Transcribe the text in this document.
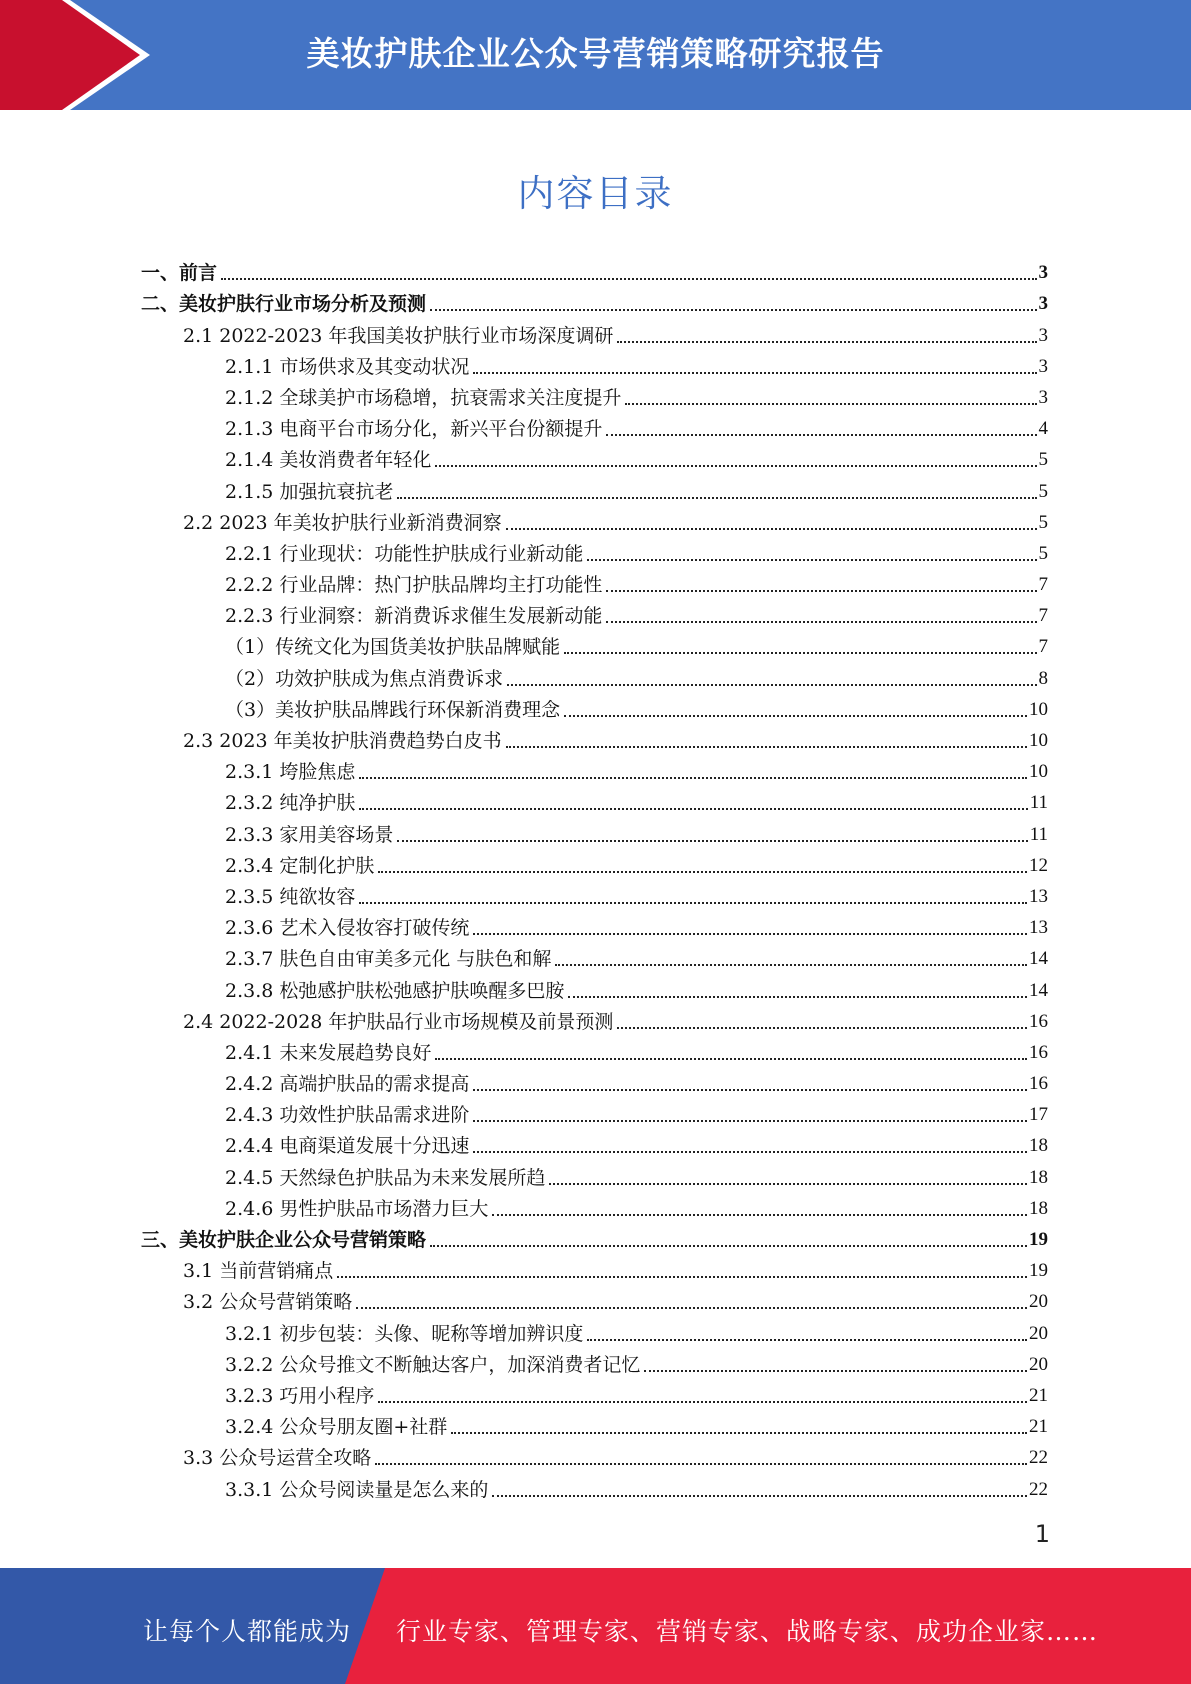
美妆护肤企业公众号营销策略研究报告
内容目录
一、前言	3
二、美妆护肤行业市场分析及预测	3
2.1 2022-2023 年我国美妆护肤行业市场深度调研	3
2.1.1 市场供求及其变动状况	3
2.1.2 全球美护市场稳增，抗衰需求关注度提升	3
2.1.3 电商平台市场分化，新兴平台份额提升	4
2.1.4 美妆消费者年轻化	5
2.1.5 加强抗衰抗老	5
2.2 2023 年美妆护肤行业新消费洞察	5
2.2.1 行业现状：功能性护肤成行业新动能	5
2.2.2 行业品牌：热门护肤品牌均主打功能性	7
2.2.3 行业洞察：新消费诉求催生发展新动能	7
（1）传统文化为国货美妆护肤品牌赋能	7
（2）功效护肤成为焦点消费诉求	8
（3）美妆护肤品牌践行环保新消费理念	10
2.3 2023 年美妆护肤消费趋势白皮书	10
2.3.1 垮脸焦虑	10
2.3.2 纯净护肤	11
2.3.3 家用美容场景	11
2.3.4 定制化护肤	12
2.3.5 纯欲妆容	13
2.3.6 艺术入侵妆容打破传统	13
2.3.7 肤色自由审美多元化 与肤色和解	14
2.3.8 松弛感护肤松弛感护肤唤醒多巴胺	14
2.4 2022-2028 年护肤品行业市场规模及前景预测	16
2.4.1 未来发展趋势良好	16
2.4.2 高端护肤品的需求提高	16
2.4.3 功效性护肤品需求进阶	17
2.4.4 电商渠道发展十分迅速	18
2.4.5 天然绿色护肤品为未来发展所趋	18
2.4.6 男性护肤品市场潜力巨大	18
三、美妆护肤企业公众号营销策略	19
3.1 当前营销痛点	19
3.2 公众号营销策略	20
3.2.1 初步包装：头像、昵称等增加辨识度	20
3.2.2 公众号推文不断触达客户，加深消费者记忆	20
3.2.3 巧用小程序	21
3.2.4 公众号朋友圈+社群	21
3.3 公众号运营全攻略	22
3.3.1 公众号阅读量是怎么来的	22
1
让每个人都能成为 行业专家、管理专家、营销专家、战略专家、成功企业家……
